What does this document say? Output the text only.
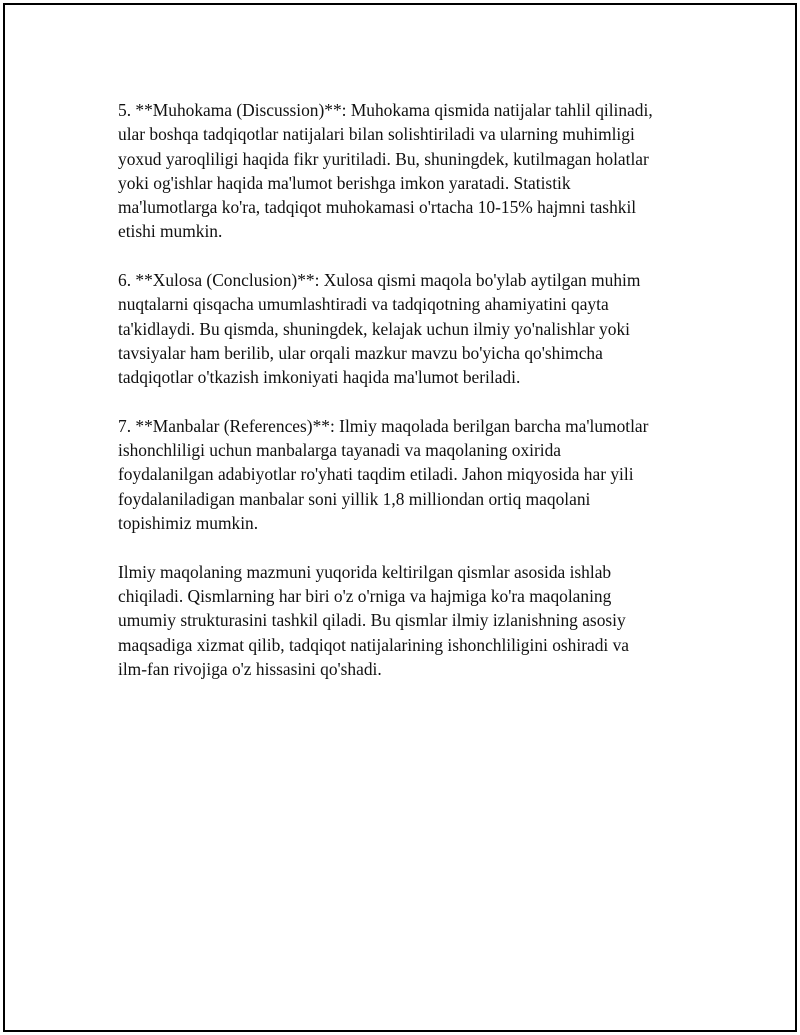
5. **Muhokama (Discussion)**: Muhokama qismida natijalar tahlil qilinadi,
ular boshqa tadqiqotlar natijalari bilan solishtiriladi va ularning muhimligi
yoxud yaroqliligi haqida fikr yuritiladi. Bu, shuningdek, kutilmagan holatlar
yoki og'ishlar haqida ma'lumot berishga imkon yaratadi. Statistik
ma'lumotlarga ko'ra, tadqiqot muhokamasi o'rtacha 10-15% hajmni tashkil
etishi mumkin.

6. **Xulosa (Conclusion)**: Xulosa qismi maqola bo'ylab aytilgan muhim
nuqtalarni qisqacha umumlashtiradi va tadqiqotning ahamiyatini qayta
ta'kidlaydi. Bu qismda, shuningdek, kelajak uchun ilmiy yo'nalishlar yoki
tavsiyalar ham berilib, ular orqali mazkur mavzu bo'yicha qo'shimcha
tadqiqotlar o'tkazish imkoniyati haqida ma'lumot beriladi.

7. **Manbalar (References)**: Ilmiy maqolada berilgan barcha ma'lumotlar
ishonchliligi uchun manbalarga tayanadi va maqolaning oxirida
foydalanilgan adabiyotlar ro'yhati taqdim etiladi. Jahon miqyosida har yili
foydalaniladigan manbalar soni yillik 1,8 milliondan ortiq maqolani
topishimiz mumkin.

Ilmiy maqolaning mazmuni yuqorida keltirilgan qismlar asosida ishlab
chiqiladi. Qismlarning har biri o'z o'rniga va hajmiga ko'ra maqolaning
umumiy strukturasini tashkil qiladi. Bu qismlar ilmiy izlanishning asosiy
maqsadiga xizmat qilib, tadqiqot natijalarining ishonchliligini oshiradi va
ilm-fan rivojiga o'z hissasini qo'shadi.
